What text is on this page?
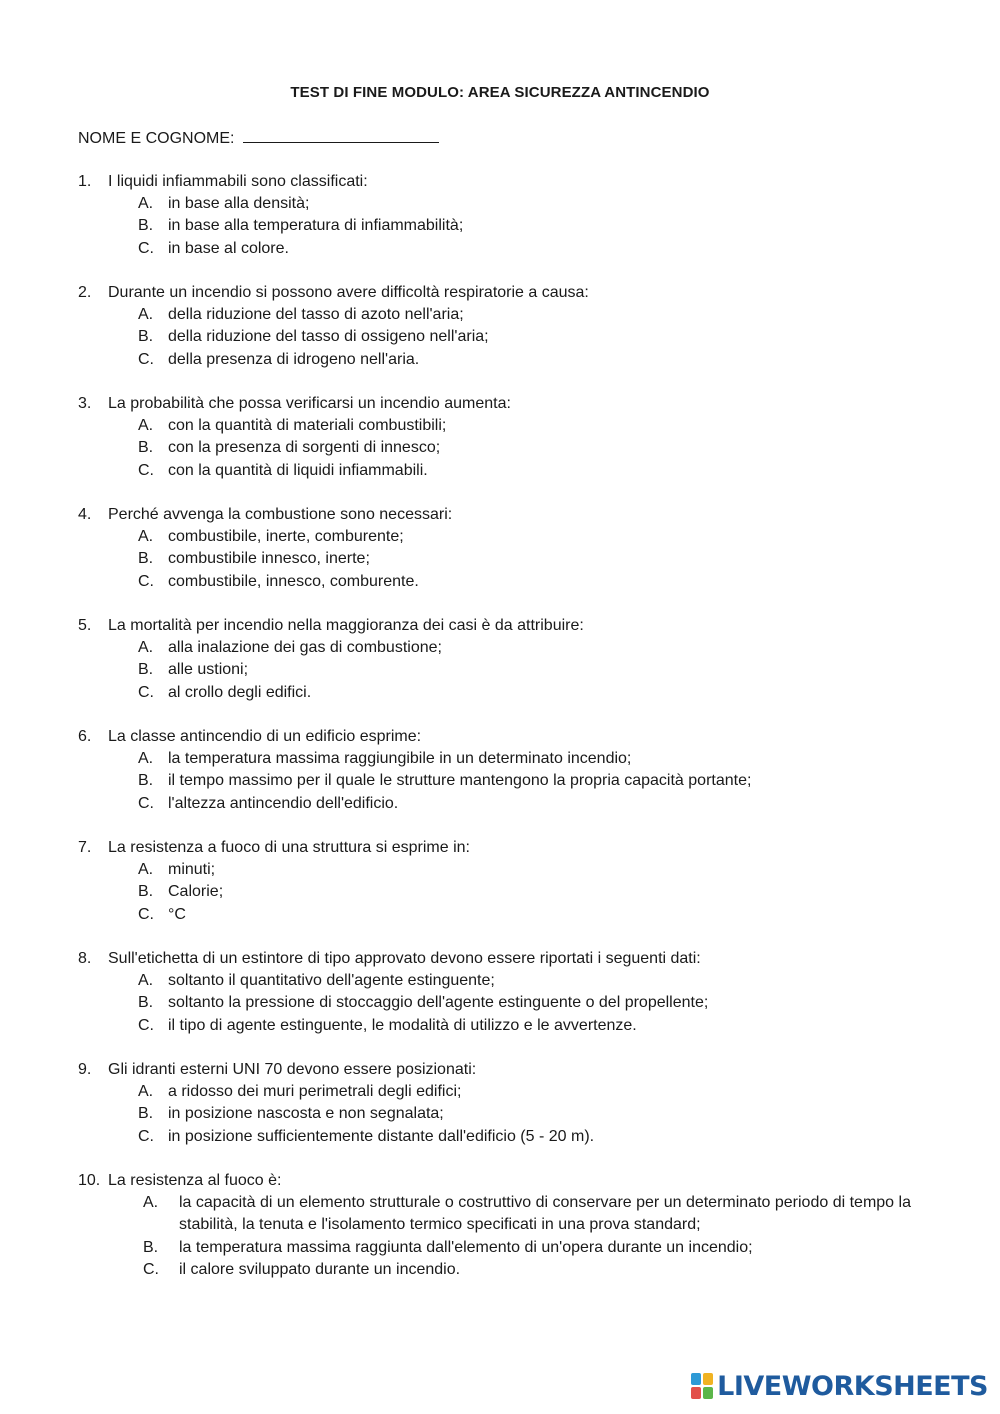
TEST DI FINE MODULO: AREA SICUREZZA ANTINCENDIO
NOME E COGNOME:
1. I liquidi infiammabili sono classificati:
A. in base alla densità;
B. in base alla temperatura di infiammabilità;
C. in base al colore.
2. Durante un incendio si possono avere difficoltà respiratorie a causa:
A. della riduzione del tasso di azoto nell'aria;
B. della riduzione del tasso di ossigeno nell'aria;
C. della presenza di idrogeno nell'aria.
3. La probabilità che possa verificarsi un incendio aumenta:
A. con la quantità di materiali combustibili;
B. con la presenza di sorgenti di innesco;
C. con la quantità di liquidi infiammabili.
4. Perché avvenga la combustione sono necessari:
A. combustibile, inerte, comburente;
B. combustibile innesco, inerte;
C. combustibile, innesco, comburente.
5. La mortalità per incendio nella maggioranza dei casi è da attribuire:
A. alla inalazione dei gas di combustione;
B. alle ustioni;
C. al crollo degli edifici.
6. La classe antincendio di un edificio esprime:
A. la temperatura massima raggiungibile in un determinato incendio;
B. il tempo massimo per il quale le strutture mantengono la propria capacità portante;
C. l'altezza antincendio dell'edificio.
7. La resistenza a fuoco di una struttura si esprime in:
A. minuti;
B. Calorie;
C. °C
8. Sull'etichetta di un estintore di tipo approvato devono essere riportati i seguenti dati:
A. soltanto il quantitativo dell'agente estinguente;
B. soltanto la pressione di stoccaggio dell'agente estinguente o del propellente;
C. il tipo di agente estinguente, le modalità di utilizzo e le avvertenze.
9. Gli idranti esterni UNI 70 devono essere posizionati:
A. a ridosso dei muri perimetrali degli edifici;
B. in posizione nascosta e non segnalata;
C. in posizione sufficientemente distante dall'edificio (5 - 20 m).
10. La resistenza al fuoco è:
A. la capacità di un elemento strutturale o costruttivo di conservare per un determinato periodo di tempo la stabilità, la tenuta e l'isolamento termico specificati in una prova standard;
B. la temperatura massima raggiunta dall'elemento di un'opera durante un incendio;
C. il calore sviluppato durante un incendio.
LIVEWORKSHEETS
